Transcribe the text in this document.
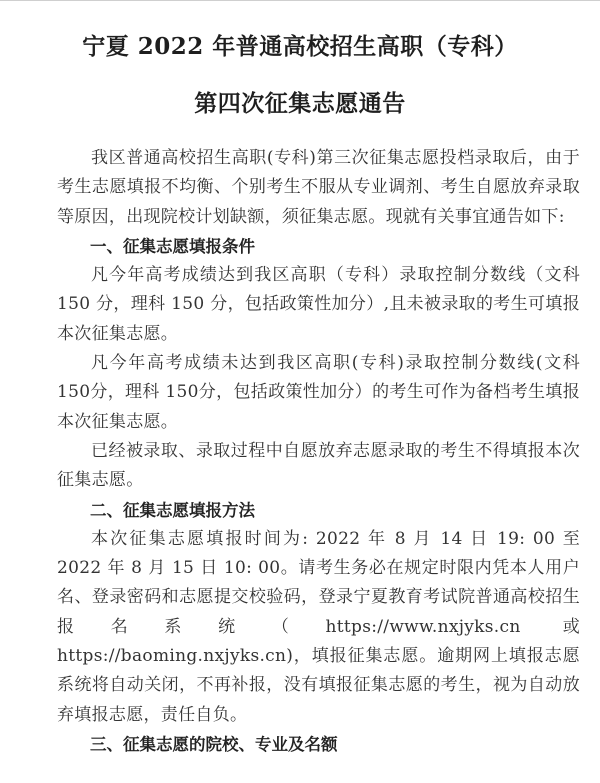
宁夏 2022 年普通高校招生高职（专科）
第四次征集志愿通告

我区普通高校招生高职(专科)第三次征集志愿投档录取后，由于考生志愿填报不均衡、个别考生不服从专业调剂、考生自愿放弃录取等原因，出现院校计划缺额，须征集志愿。现就有关事宜通告如下:

一、征集志愿填报条件

凡今年高考成绩达到我区高职（专科）录取控制分数线（文科 150 分，理科 150 分，包括政策性加分）,且未被录取的考生可填报本次征集志愿。

凡今年高考成绩未达到我区高职(专科)录取控制分数线(文科 150分，理科 150分，包括政策性加分）的考生可作为备档考生填报本次征集志愿。

已经被录取、录取过程中自愿放弃志愿录取的考生不得填报本次征集志愿。

二、征集志愿填报方法

本次征集志愿填报时间为: 2022 年 8 月 14 日 19: 00 至 2022 年 8 月 15 日 10: 00。请考生务必在规定时限内凭本人用户名、登录密码和志愿提交校验码，登录宁夏教育考试院普通高校招生报名系统（https://www.nxjyks.cn 或 https://baoming.nxjyks.cn)，填报征集志愿。逾期网上填报志愿系统将自动关闭，不再补报，没有填报征集志愿的考生，视为自动放弃填报志愿，责任自负。

三、征集志愿的院校、专业及名额
